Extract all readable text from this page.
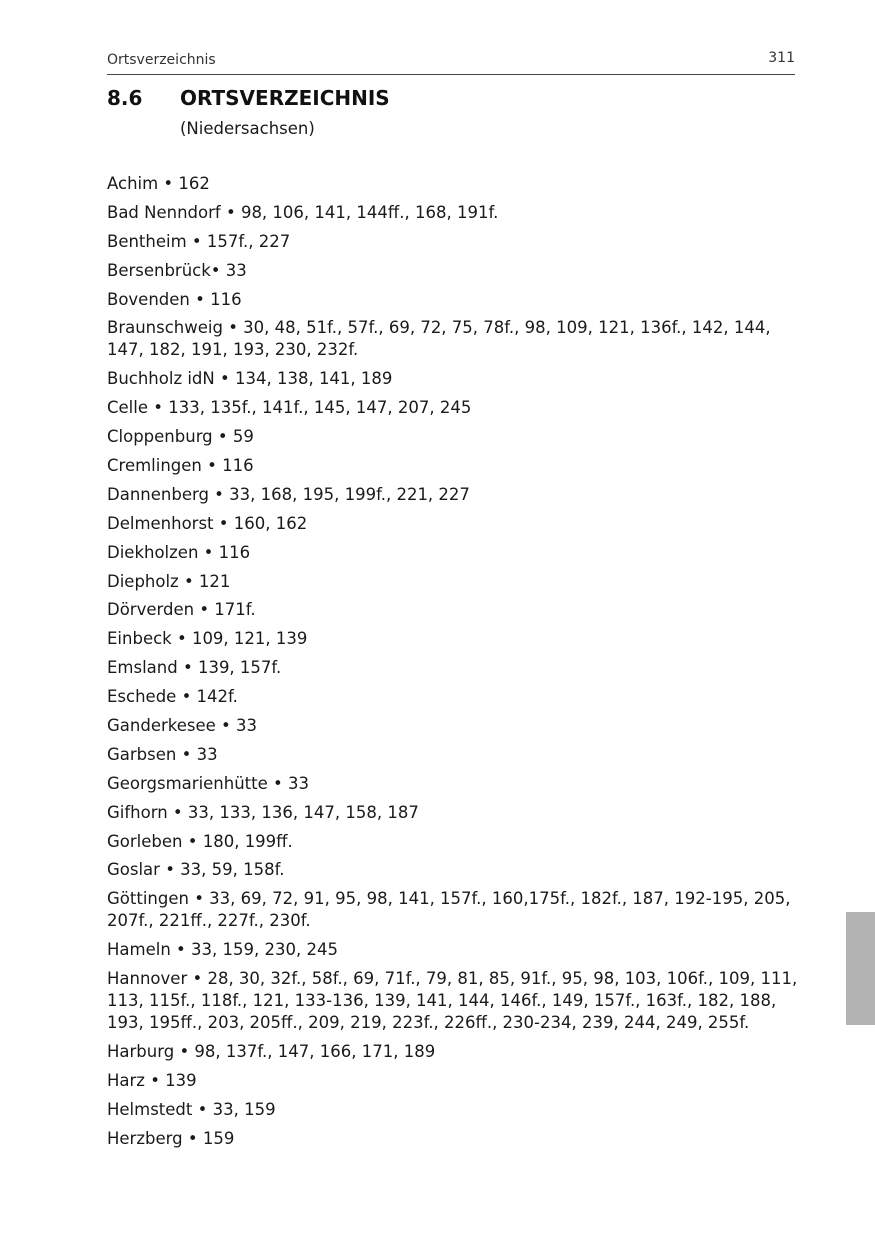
Ortsverzeichnis	311
8.6 ORTSVERZEICHNIS
(Niedersachsen)
Achim • 162
Bad Nenndorf • 98, 106, 141, 144ff., 168, 191f.
Bentheim • 157f., 227
Bersenbrück• 33
Bovenden • 116
Braunschweig • 30, 48, 51f., 57f., 69, 72, 75, 78f., 98, 109, 121, 136f., 142, 144, 147, 182, 191, 193, 230, 232f.
Buchholz idN • 134, 138, 141, 189
Celle • 133, 135f., 141f., 145, 147, 207, 245
Cloppenburg • 59
Cremlingen • 116
Dannenberg • 33, 168, 195, 199f., 221, 227
Delmenhorst • 160, 162
Diekholzen • 116
Diepholz • 121
Dörverden • 171f.
Einbeck • 109, 121, 139
Emsland • 139, 157f.
Eschede • 142f.
Ganderkesee • 33
Garbsen • 33
Georgsmarienhütte • 33
Gifhorn • 33, 133, 136, 147, 158, 187
Gorleben • 180, 199ff.
Goslar • 33, 59, 158f.
Göttingen • 33, 69, 72, 91, 95, 98, 141, 157f., 160,175f., 182f., 187, 192-195, 205, 207f., 221ff., 227f., 230f.
Hameln • 33, 159, 230, 245
Hannover • 28, 30, 32f., 58f., 69, 71f., 79, 81, 85, 91f., 95, 98, 103, 106f., 109, 111, 113, 115f., 118f., 121, 133-136, 139, 141, 144, 146f., 149, 157f., 163f., 182, 188, 193, 195ff., 203, 205ff., 209, 219, 223f., 226ff., 230-234, 239, 244, 249, 255f.
Harburg • 98, 137f., 147, 166, 171, 189
Harz • 139
Helmstedt • 33, 159
Herzberg • 159
